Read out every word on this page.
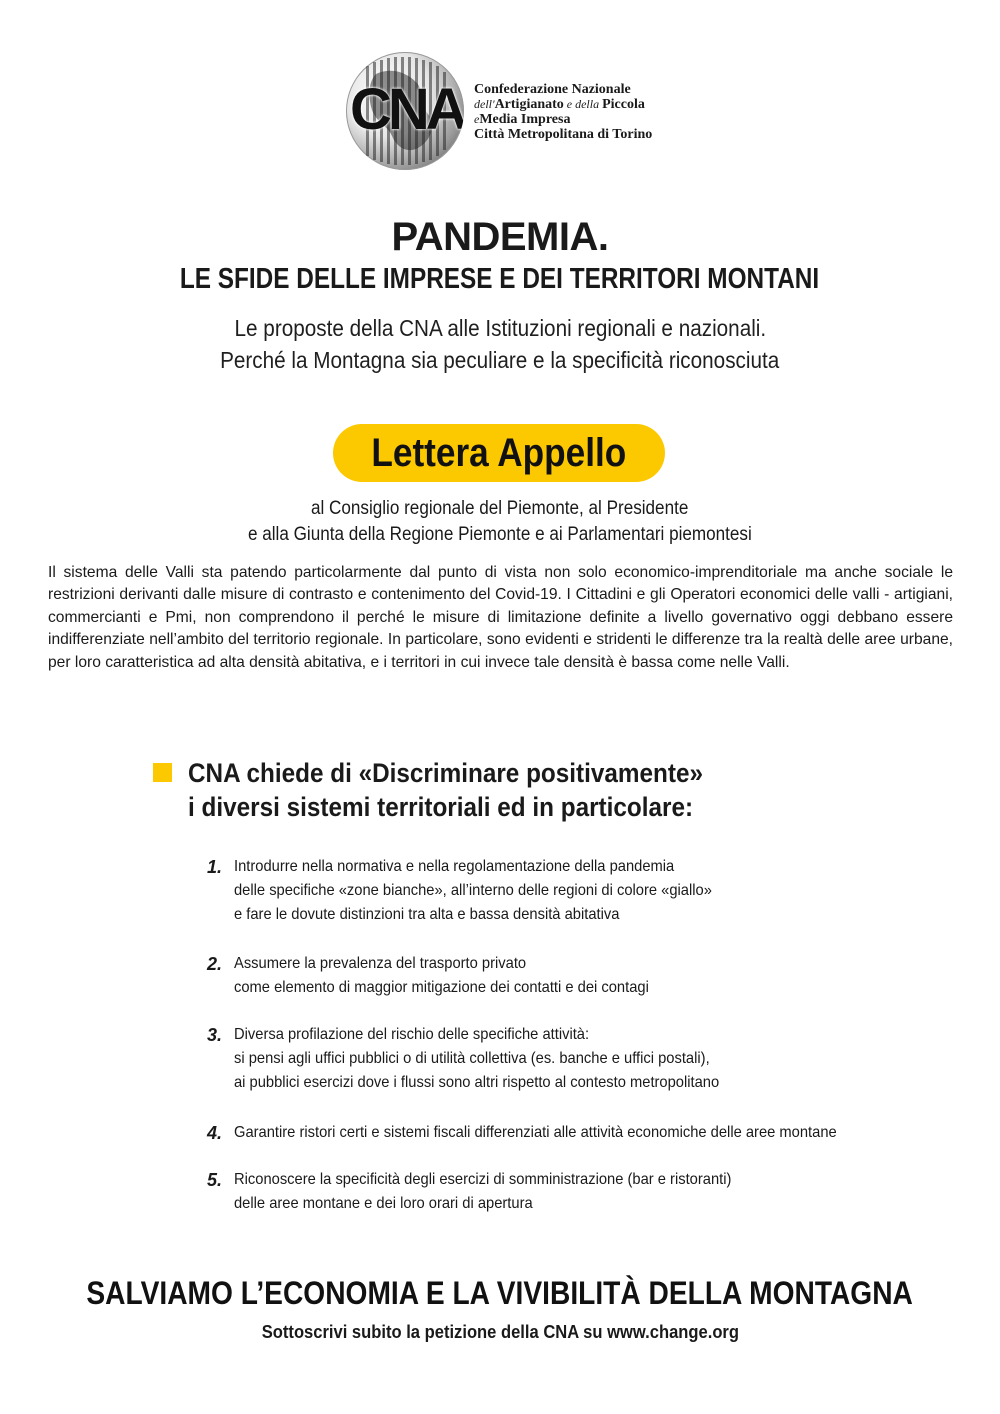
CNA Confederazione Nazionale
dell'Artigianato e della Piccola
eMedia Impresa
Città Metropolitana di Torino
PANDEMIA.
LE SFIDE DELLE IMPRESE E DEI TERRITORI MONTANI
Le proposte della CNA alle Istituzioni regionali e nazionali.
Perché la Montagna sia peculiare e la specificità riconosciuta
Lettera Appello
al Consiglio regionale del Piemonte, al Presidente
e alla Giunta della Regione Piemonte e ai Parlamentari piemontesi
Il sistema delle Valli sta patendo particolarmente dal punto di vista non solo economico-imprenditoriale ma anche sociale le restrizioni derivanti dalle misure di contrasto e contenimento del Covid-19. I Cittadini e gli Operatori economici delle valli - artigiani, commercianti e Pmi, non comprendono il perché le misure di limitazione definite a livello governativo oggi debbano essere indifferenziate nell’ambito del territorio regionale. In particolare, sono evidenti e stridenti le differenze tra la realtà delle aree urbane, per loro caratteristica ad alta densità abitativa, e i territori in cui invece tale densità è bassa come nelle Valli.
CNA chiede di «Discriminare positivamente»
i diversi sistemi territoriali ed in particolare:
1. Introdurre nella normativa e nella regolamentazione della pandemia
delle specifiche «zone bianche», all’interno delle regioni di colore «giallo»
e fare le dovute distinzioni tra alta e bassa densità abitativa
2. Assumere la prevalenza del trasporto privato
come elemento di maggior mitigazione dei contatti e dei contagi
3. Diversa profilazione del rischio delle specifiche attività:
si pensi agli uffici pubblici o di utilità collettiva (es. banche e uffici postali),
ai pubblici esercizi dove i flussi sono altri rispetto al contesto metropolitano
4. Garantire ristori certi e sistemi fiscali differenziati alle attività economiche delle aree montane
5. Riconoscere la specificità degli esercizi di somministrazione (bar e ristoranti)
delle aree montane e dei loro orari di apertura
SALVIAMO L’ECONOMIA E LA VIVIBILITÀ DELLA MONTAGNA
Sottoscrivi subito la petizione della CNA su www.change.org
